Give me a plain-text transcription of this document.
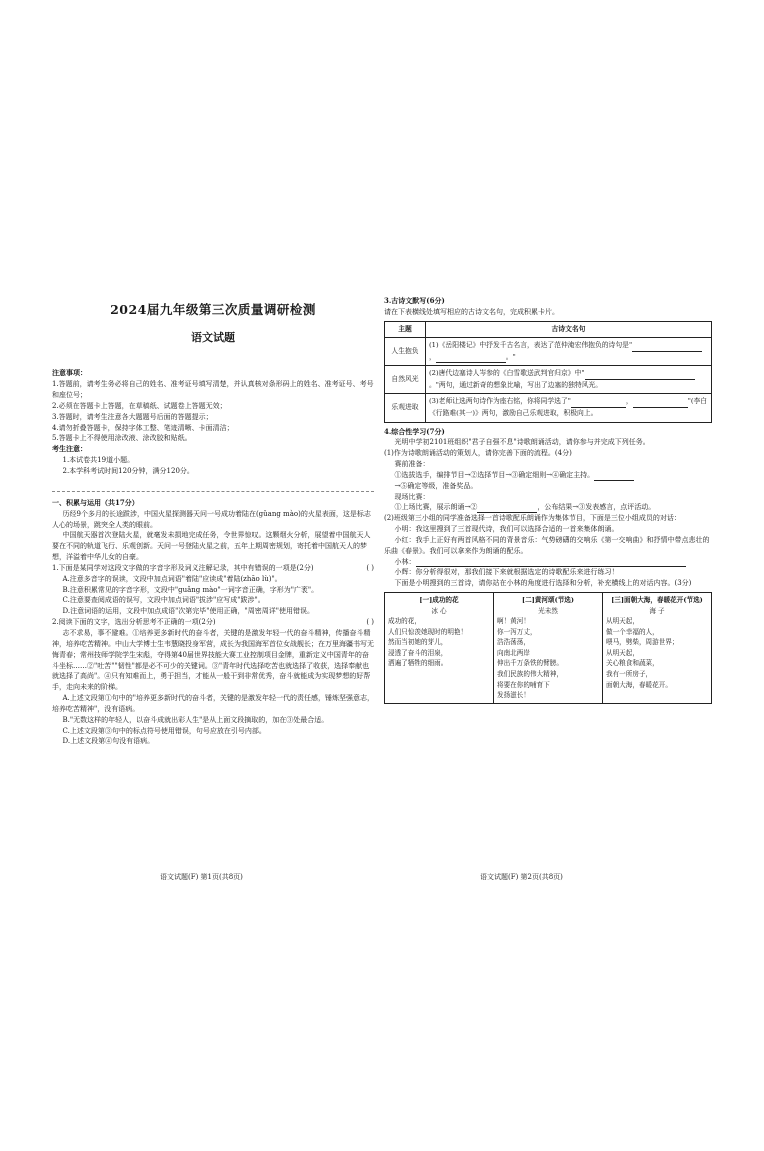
2024届九年级第三次质量调研检测
语文试题
注意事项：
1.答题前，请考生务必将自己的姓名、准考证号填写清楚，并认真核对条形码上的姓名、准考证号、考号和座位号；
2.必须在答题卡上答题，在草稿纸、试题卷上答题无效；
3.答题时，请考生注意各大题题号后面的答题提示；
4.请勿折叠答题卡，保持字体工整、笔迹清晰、卡面清洁；
5.答题卡上不得使用涂改液、涂改胶和贴纸。
考生注意：
1.本试卷共19道小题。
2.本学科考试时间120分钟，满分120分。
一、积累与运用（共17分）
历经9个多月的长途跋涉，中国火星探测器天问一号成功着陆在(gǔang mào)的火星表面，这是标志人心的场景，跳突全人类的眼前。
中国航天器首次登陆火星，就毫发未损地完成任务，令世界惊叹。这颗烟火分析，展望着中国航天人要在不同的轨道飞行、乐观创新。天问一号登陆火星之前，五年上期周密规划，寄托着中国航天人的梦想，洋溢着中华儿女的自豪。
1.下面是某同学对这段文字做的字音字形及词义注解记录，其中有错误的一项是(2分)	( )
A.注意多音字的误读，文段中加点词语"着陆"应读成"着陆(zhāo lù)"。
B.注意积累常见的字音字形，文段中"guǎng mào"一词字音正确，字形为"广袤"。
C.注意要查阅成语的误写，文段中加点词语"拔涉"应写成"跋涉"。
D.注意词语的运用，文段中加点成语"次第完毕"使用正确，"周密周详"使用错误。
2.阅读下面的文字，选出分析思考不正确的一项(2分)	( )
志不求易，事不避难。①培养更多新时代的奋斗者，关键的是激发年轻一代的奋斗精神，传播奋斗精神，培养吃苦精神。中山大学博士生韦慧晓投身军营，成长为我国海军首位女战舰长；在万里海疆书写无悔青春；常州技师学院学生宋彪，夺得第40届世界技能大赛工业控制项目金牌，重新定义中国青年的奋斗坐标……②"吐苦""韧性"都是必不可少的关键词。③"青年时代选择吃苦也就选择了收获，选择奉献也就选择了高尚"。④只有知难而上，勇于担当，才能从一般干到非常优秀，奋斗就能成为实现梦想的好帮手，走向未来的阶梯。
A.上述文段第①句中的"培养更多新时代的奋斗者，关键的是激发年轻一代的责任感，锤炼坚强意志，培养吃苦精神"，没有语病。
B."无数这样的年轻人，以奋斗成就出彩人生"是从上面文段摘取的，加在③处最合适。
C.上述文段第③句中的标点符号使用错误，句号应放在引号内部。
D.上述文段第④句没有语病。
3.古诗文默写(6分)
请在下表横线处填写相应的古诗文名句，完成积累卡片。
主题	古诗文名句
人生抱负	(1)《岳阳楼记》中抒发千古名言，表达了范仲淹宏伟抱负的诗句是"， 。"
自然风光	(2)唐代边塞诗人岑参的《白雪歌送武判官归京》中"。"两句，通过新奇的想象比喻，写出了边塞的独特风光。
乐观进取	(3)老师让选两句诗作为座右铭，你将同学选了" ， "(李白《行路难(其一)》两句，激励自己乐观进取，积极向上。
4.综合性学习(7分)
光明中学初2101班组织"君子自强不息"诗歌朗诵活动，请你参与并完成下列任务。
(1)作为诗歌朗诵活动的策划人，请你完善下面的流程。(4分)
赛前准备：
①选拔选手，编排节目→②选择节目→③确定细则→④确定主持。
→⑤确定等级，准备奖品。
现场比赛：
①上场比赛，展示朗诵→②	，公布结果→③发表感言，点评活动。
(2)班级第三小组的同学准备选择一首诗歌配乐朗诵作为集体节目，下面是三位小组成员的对话：
小明：我这里搜到了三首现代诗，我们可以选择合适的一首来集体朗诵。
小红：我手上正好有两首风格不同的背景音乐：气势磅礴的交响乐《第一交响曲》和抒情中带点悲壮的乐曲《春景》。我们可以拿来作为朗诵的配乐。
小林：
小辉：你分析得很对，那我们接下来就根据选定的诗歌配乐来进行练习！
下面是小明搜到的三首诗，请你站在小林的角度进行选择和分析，补充横线上的对话内容。(3分)
[一]成功的花
冰 心
成功的花，
人们只惊羡她现时的明艳！
然而当初她的芽儿，
浸透了奋斗的泪泉，
洒遍了牺牲的细雨。

[二]黄河颂(节选)
光未然
啊！黄河！
你一泻万丈，
浩浩荡荡，
向南北两岸
伸出千万条铁的臂膀。
我们民族的伟大精神，
将要在你的哺育下
发扬滋长！

[三]面朝大海，春暖花开(节选)
海 子
从明天起，
做一个幸福的人，
喂马，劈柴，周游世界；
从明天起，
关心粮食和蔬菜，
我有一所房子，
面朝大海，春暖花开。
语文试题(F) 第1页(共8页)	语文试题(F) 第2页(共8页)
